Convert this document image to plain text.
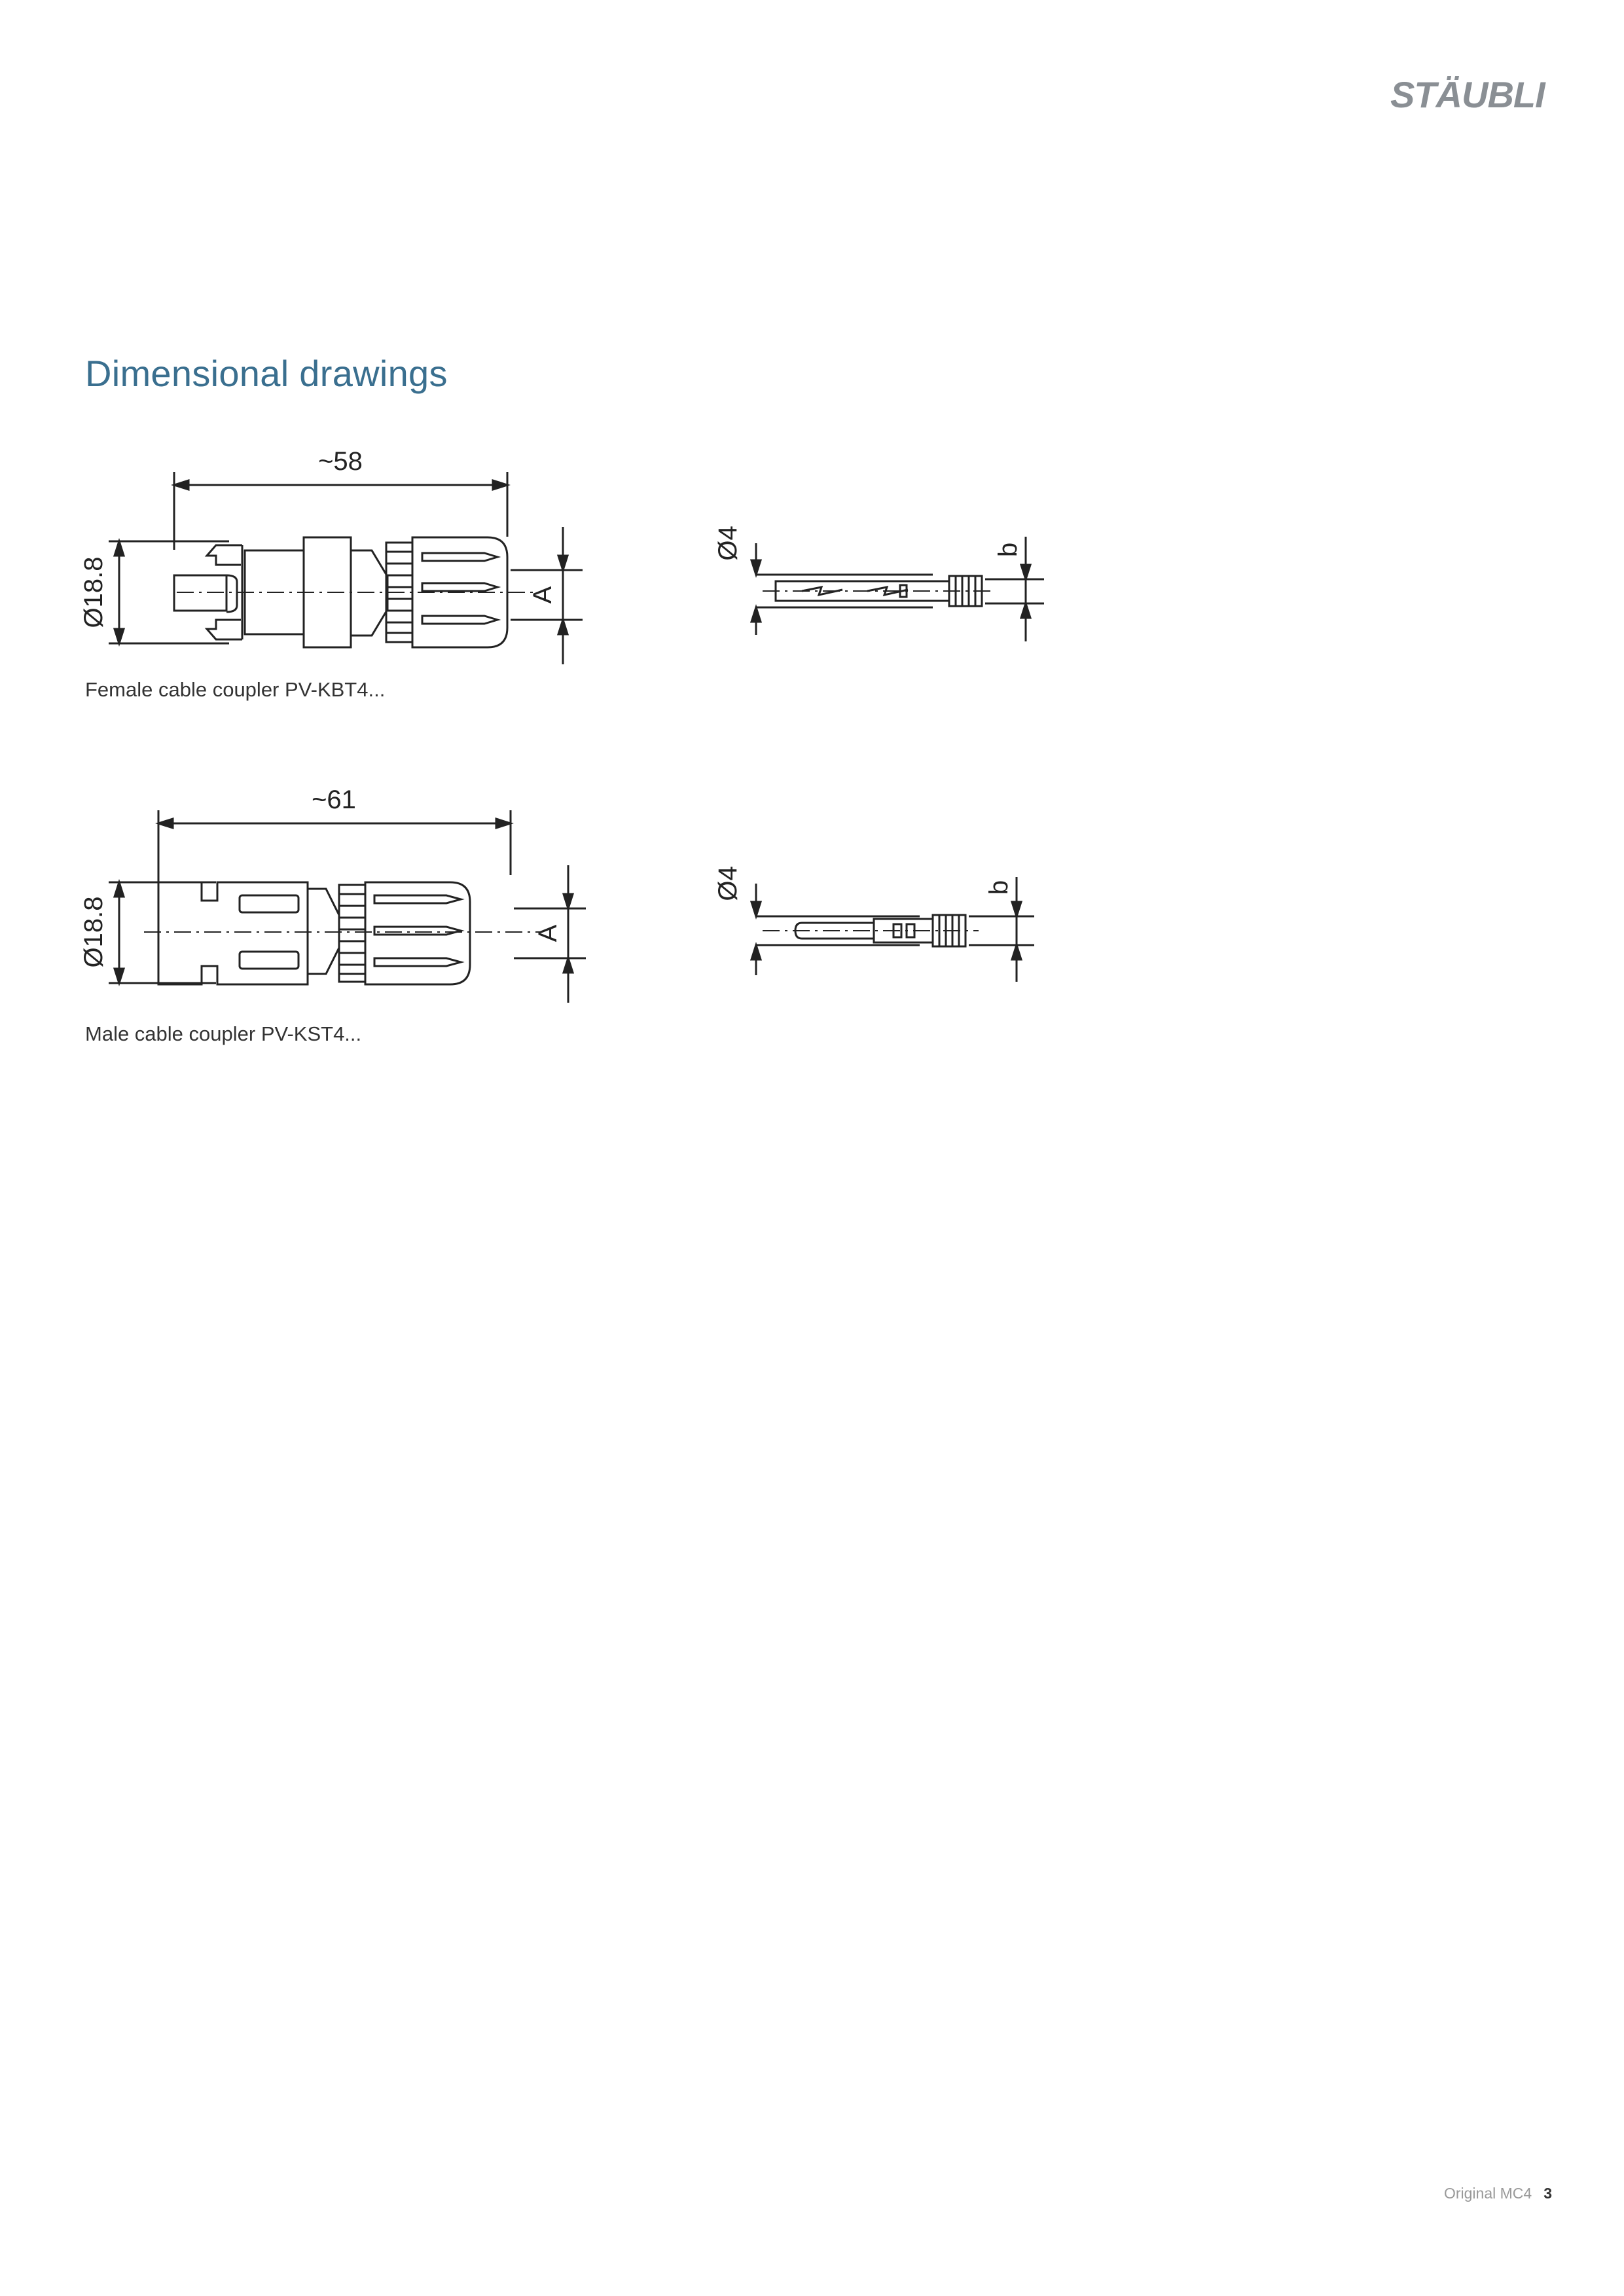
STÄUBLI
Dimensional drawings
~58
Ø18.8	A
Ø4	b
Female cable coupler PV-KBT4...
~61
Ø18.8	A
Ø4	b
Male cable coupler PV-KST4...
Original MC4 3
